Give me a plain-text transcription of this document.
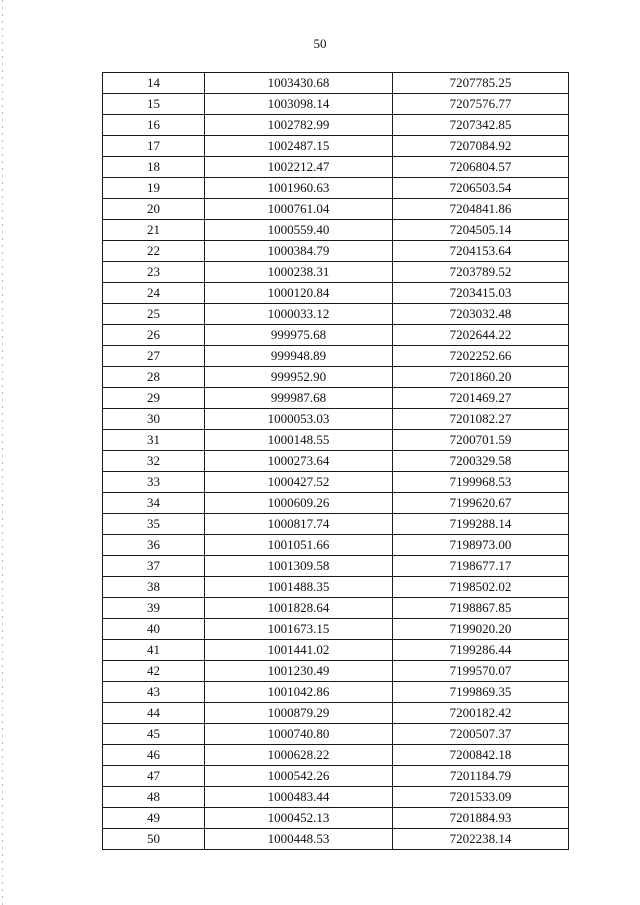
50
14	1003430.68	7207785.25
15	1003098.14	7207576.77
16	1002782.99	7207342.85
17	1002487.15	7207084.92
18	1002212.47	7206804.57
19	1001960.63	7206503.54
20	1000761.04	7204841.86
21	1000559.40	7204505.14
22	1000384.79	7204153.64
23	1000238.31	7203789.52
24	1000120.84	7203415.03
25	1000033.12	7203032.48
26	999975.68	7202644.22
27	999948.89	7202252.66
28	999952.90	7201860.20
29	999987.68	7201469.27
30	1000053.03	7201082.27
31	1000148.55	7200701.59
32	1000273.64	7200329.58
33	1000427.52	7199968.53
34	1000609.26	7199620.67
35	1000817.74	7199288.14
36	1001051.66	7198973.00
37	1001309.58	7198677.17
38	1001488.35	7198502.02
39	1001828.64	7198867.85
40	1001673.15	7199020.20
41	1001441.02	7199286.44
42	1001230.49	7199570.07
43	1001042.86	7199869.35
44	1000879.29	7200182.42
45	1000740.80	7200507.37
46	1000628.22	7200842.18
47	1000542.26	7201184.79
48	1000483.44	7201533.09
49	1000452.13	7201884.93
50	1000448.53	7202238.14
